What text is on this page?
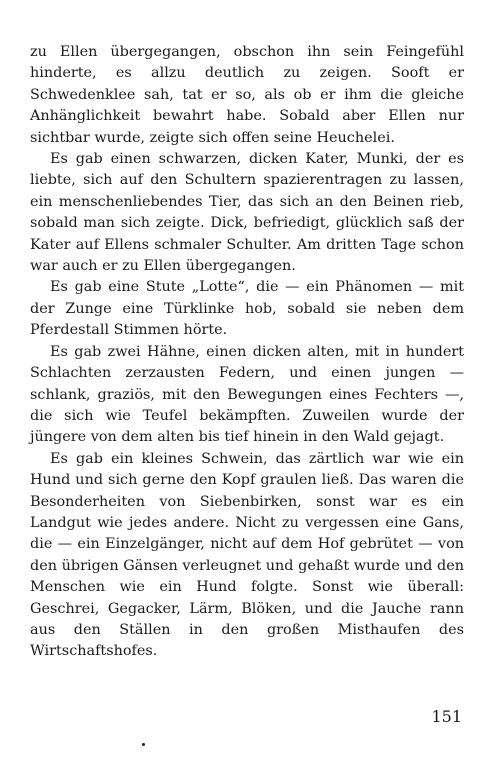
zu Ellen übergegangen, obschon ihn sein Feingefühl hinderte, es allzu deutlich zu zeigen. Sooft er Schwedenklee sah, tat er so, als ob er ihm die gleiche Anhänglichkeit bewahrt habe. Sobald aber Ellen nur sichtbar wurde, zeigte sich offen seine Heuchelei.

Es gab einen schwarzen, dicken Kater, Munki, der es liebte, sich auf den Schultern spazierentragen zu lassen, ein menschenliebendes Tier, das sich an den Beinen rieb, sobald man sich zeigte. Dick, befriedigt, glücklich saß der Kater auf Ellens schmaler Schulter. Am dritten Tage schon war auch er zu Ellen übergegangen.

Es gab eine Stute „Lotte“, die — ein Phänomen — mit der Zunge eine Türklinke hob, sobald sie neben dem Pferdestall Stimmen hörte.

Es gab zwei Hähne, einen dicken alten, mit in hundert Schlachten zerzausten Federn, und einen jungen — schlank, graziös, mit den Bewegungen eines Fechters —, die sich wie Teufel bekämpften. Zuweilen wurde der jüngere von dem alten bis tief hinein in den Wald gejagt.

Es gab ein kleines Schwein, das zärtlich war wie ein Hund und sich gerne den Kopf graulen ließ. Das waren die Besonderheiten von Siebenbirken, sonst war es ein Landgut wie jedes andere. Nicht zu vergessen eine Gans, die — ein Einzelgänger, nicht auf dem Hof gebrütet — von den übrigen Gänsen verleugnet und gehaßt wurde und den Menschen wie ein Hund folgte. Sonst wie überall: Geschrei, Gegacker, Lärm, Blöken, und die Jauche rann aus den Ställen in den großen Misthaufen des Wirtschaftshofes.

151
